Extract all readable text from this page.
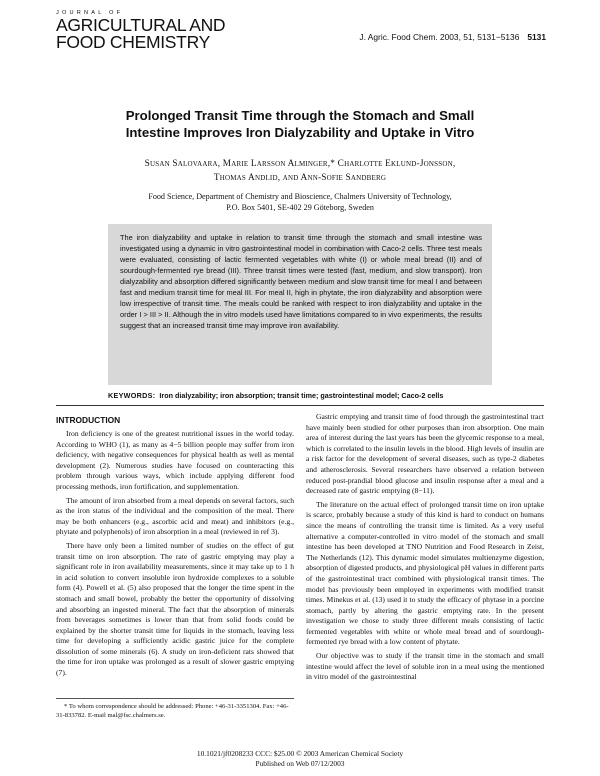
JOURNAL OF
AGRICULTURAL AND
FOOD CHEMISTRY	J. Agric. Food Chem. 2003, 51, 5131−5136 5131
Prolonged Transit Time through the Stomach and Small
Intestine Improves Iron Dialyzability and Uptake in Vitro
Susan Salovaara, Marie Larsson Alminger,* Charlotte Eklund-Jonsson,
Thomas Andlid, and Ann-Sofie Sandberg
Food Science, Department of Chemistry and Bioscience, Chalmers University of Technology,
P.O. Box 5401, SE-402 29 Göteborg, Sweden
The iron dialyzability and uptake in relation to transit time through the stomach and small intestine was investigated using a dynamic in vitro gastrointestinal model in combination with Caco-2 cells. Three test meals were evaluated, consisting of lactic fermented vegetables with white (I) or whole meal bread (II) and of sourdough-fermented rye bread (III). Three transit times were tested (fast, medium, and slow transport). Iron dialyzability and absorption differed significantly between medium and slow transit time for meal I and between fast and medium transit time for meal III. For meal II, high in phytate, the iron dialyzability and absorption were low irrespective of transit time. The meals could be ranked with respect to iron dialyzability and uptake in the order I > III > II. Although the in vitro models used have limitations compared to in vivo experiments, the results suggest that an increased transit time may improve iron availability.
KEYWORDS: Iron dialyzability; iron absorption; transit time; gastrointestinal model; Caco-2 cells
INTRODUCTION

Iron deficiency is one of the greatest nutritional issues in the world today. According to WHO (1), as many as 4−5 billion people may suffer from iron deficiency, with negative consequences for physical health as well as mental development (2). Numerous studies have focused on counteracting this problem through various ways, which include applying different food processing methods, iron fortification, and supplementation.

The amount of iron absorbed from a meal depends on several factors, such as the iron status of the individual and the composition of the meal. There may be both enhancers (e.g., ascorbic acid and meat) and inhibitors (e.g., phytate and polyphenols) of iron absorption in a meal (reviewed in ref 3).

There have only been a limited number of studies on the effect of gut transit time on iron absorption. The rate of gastric emptying may play a significant role in iron availability measurements, since it may take up to 1 h in acid solution to convert insoluble iron hydroxide complexes to a soluble form (4). Powell et al. (5) also proposed that the longer the time spent in the stomach and small bowel, probably the better the opportunity of dissolving and absorbing an ingested mineral. The fact that the absorption of minerals from beverages sometimes is lower than that from solid foods could be explained by the shorter transit time for liquids in the stomach, leaving less time for developing a sufficiently acidic gastric juice for the complete dissolution of some minerals (6). A study on iron-deficient rats showed that the time for iron uptake was prolonged as a result of slower gastric emptying (7).

* To whom correspondence should be addressed: Phone: +46-31-3351304. Fax: +46-31-833782. E-mail mal@fsc.chalmers.se.

Gastric emptying and transit time of food through the gastrointestinal tract have mainly been studied for other purposes than iron absorption. One main area of interest during the last years has been the glycemic response to a meal, which is correlated to the insulin levels in the blood. High levels of insulin are a risk factor for the development of several diseases, such as type-2 diabetes and atherosclerosis. Several researchers have observed a relation between reduced post-prandial blood glucose and insulin response after a meal and a decreased rate of gastric emptying (8−11).

The literature on the actual effect of prolonged transit time on iron uptake is scarce, probably because a study of this kind is hard to conduct on humans since the means of controlling the transit time is limited. As a very useful alternative a computer-controlled in vitro model of the stomach and small intestine has been developed at TNO Nutrition and Food Research in Zeist, The Netherlands (12). This dynamic model simulates multienzyme digestion, absorption of digested products, and physiological pH values in different parts of the gastrointestinal tract combined with physiological transit times. The model has previously been employed in experiments with modified transit times. Minekus et al. (13) used it to study the efficacy of phytase in a porcine stomach, partly by altering the gastric emptying rate. In the present investigation we chose to study three different meals consisting of lactic fermented vegetables with white or whole meal bread and of sourdough-fermented rye bread with a low content of phytate.

Our objective was to study if the transit time in the stomach and small intestine would affect the level of soluble iron in a meal using the mentioned in vitro model of the gastrointestinal

10.1021/jf0208233 CCC: $25.00 © 2003 American Chemical Society
Published on Web 07/12/2003
